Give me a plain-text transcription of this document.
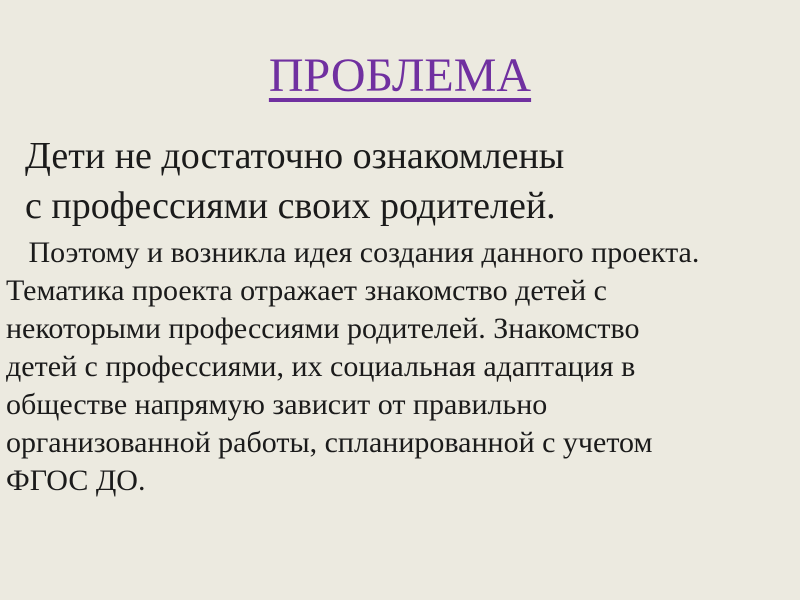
ПРОБЛЕМА
Дети не достаточно ознакомлены
с профессиями своих родителей.
Поэтому и возникла идея создания данного проекта.
Тематика проекта отражает знакомство детей с
некоторыми профессиями родителей. Знакомство
детей с профессиями, их социальная адаптация в
обществе напрямую зависит от правильно
организованной работы, спланированной с учетом
ФГОС ДО.
